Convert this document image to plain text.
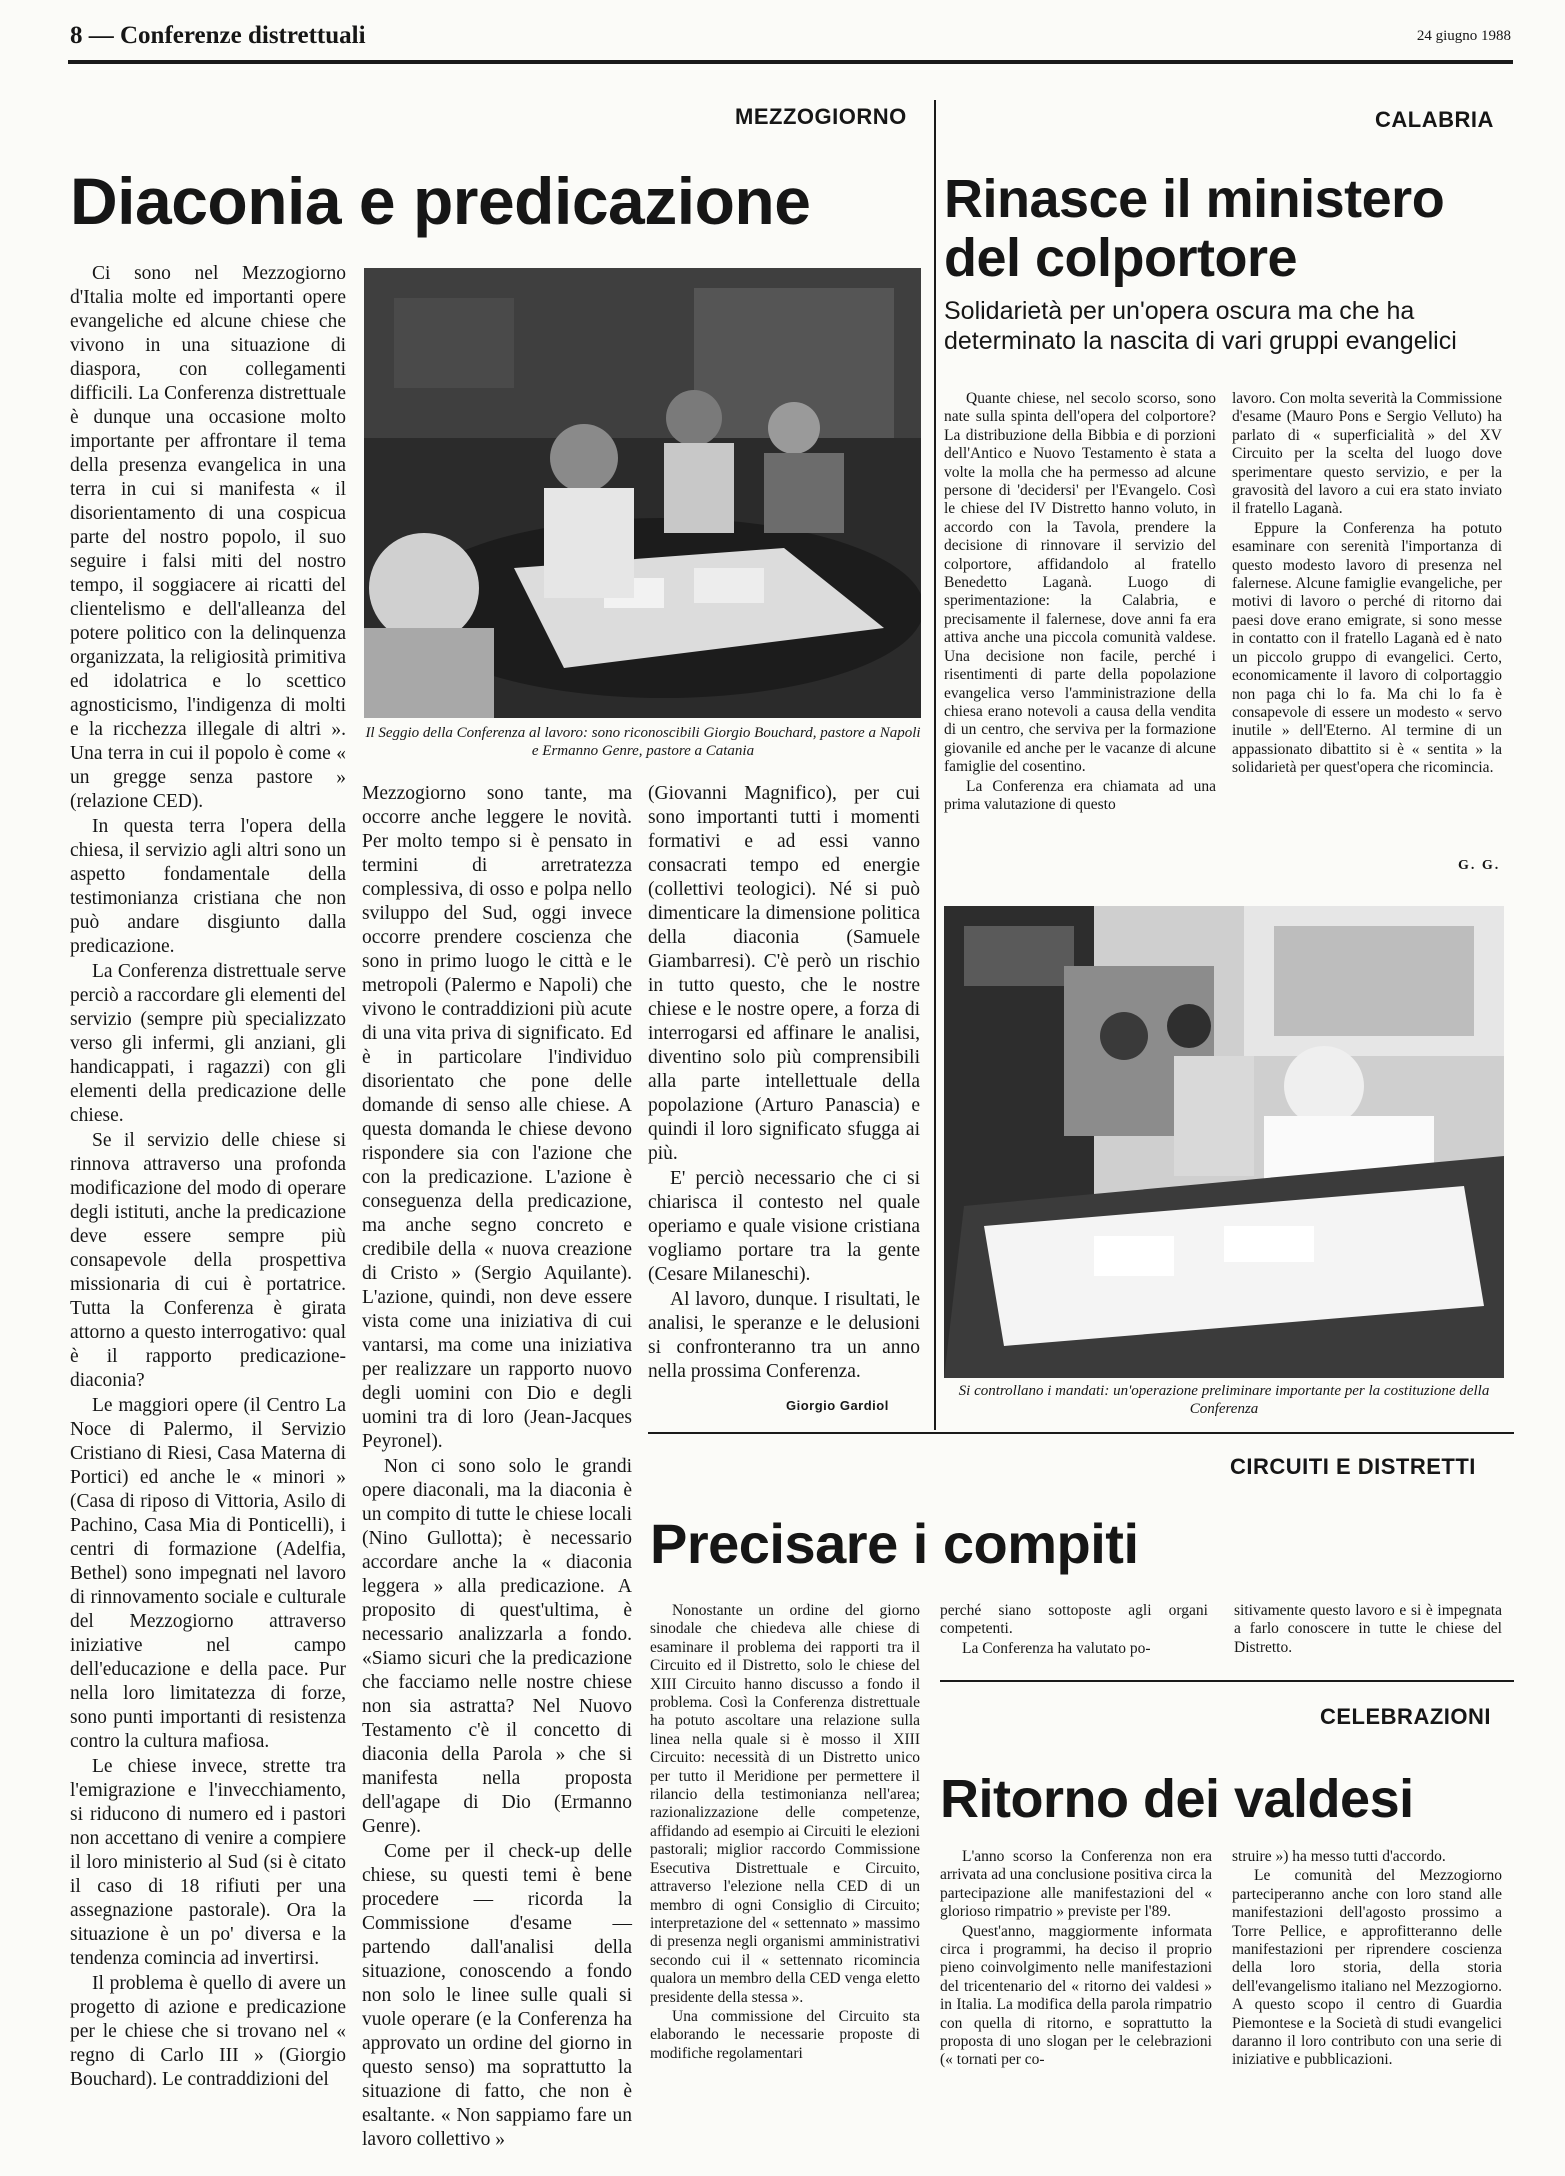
8 — Conferenze distrettuali	24 giugno 1988
MEZZOGIORNO
Diaconia e predicazione
Il Seggio della Conferenza al lavoro: sono riconoscibili Giorgio Bouchard, pastore a Napoli e Ermanno Genre, pastore a Catania

Ci sono nel Mezzogiorno d'Italia molte ed importanti opere evangeliche ed alcune chiese che vivono in una situazione di diaspora, con collegamenti difficili. La Conferenza distrettuale è dunque una occasione molto importante per affrontare il tema della presenza evangelica in una terra in cui si manifesta « il disorientamento di una cospicua parte del nostro popolo, il suo seguire i falsi miti del nostro tempo, il soggiacere ai ricatti del clientelismo e dell'alleanza del potere politico con la delinquenza organizzata, la religiosità primitiva ed idolatrica e lo scettico agnosticismo, l'indigenza di molti e la ricchezza illegale di altri ». Una terra in cui il popolo è come « un gregge senza pastore » (relazione CED).

In questa terra l'opera della chiesa, il servizio agli altri sono un aspetto fondamentale della testimonianza cristiana che non può andare disgiunto dalla predicazione.

La Conferenza distrettuale serve perciò a raccordare gli elementi del servizio (sempre più specializzato verso gli infermi, gli anziani, gli handicappati, i ragazzi) con gli elementi della predicazione delle chiese.

Se il servizio delle chiese si rinnova attraverso una profonda modificazione del modo di operare degli istituti, anche la predicazione deve essere sempre più consapevole della prospettiva missionaria di cui è portatrice. Tutta la Conferenza è girata attorno a questo interrogativo: qual è il rapporto predicazione-diaconia?

Le maggiori opere (il Centro La Noce di Palermo, il Servizio Cristiano di Riesi, Casa Materna di Portici) ed anche le « minori » (Casa di riposo di Vittoria, Asilo di Pachino, Casa Mia di Ponticelli), i centri di formazione (Adelfia, Bethel) sono impegnati nel lavoro di rinnovamento sociale e culturale del Mezzogiorno attraverso iniziative nel campo dell'educazione e della pace. Pur nella loro limitatezza di forze, sono punti importanti di resistenza contro la cultura mafiosa.

Le chiese invece, strette tra l'emigrazione e l'invecchiamento, si riducono di numero ed i pastori non accettano di venire a compiere il loro ministerio al Sud (si è citato il caso di 18 rifiuti per una assegnazione pastorale). Ora la situazione è un po' diversa e la tendenza comincia ad invertirsi.

Il problema è quello di avere un progetto di azione e predicazione per le chiese che si trovano nel « regno di Carlo III » (Giorgio Bouchard). Le contraddizioni del

Mezzogiorno sono tante, ma occorre anche leggere le novità. Per molto tempo si è pensato in termini di arretratezza complessiva, di osso e polpa nello sviluppo del Sud, oggi invece occorre prendere coscienza che sono in primo luogo le città e le metropoli (Palermo e Napoli) che vivono le contraddizioni più acute di una vita priva di significato. Ed è in particolare l'individuo disorientato che pone delle domande di senso alle chiese. A questa domanda le chiese devono rispondere sia con l'azione che con la predicazione. L'azione è conseguenza della predicazione, ma anche segno concreto e credibile della « nuova creazione di Cristo » (Sergio Aquilante). L'azione, quindi, non deve essere vista come una iniziativa di cui vantarsi, ma come una iniziativa per realizzare un rapporto nuovo degli uomini con Dio e degli uomini tra di loro (Jean-Jacques Peyronel).

Non ci sono solo le grandi opere diaconali, ma la diaconia è un compito di tutte le chiese locali (Nino Gullotta); è necessario accordare anche la « diaconia leggera » alla predicazione. A proposito di quest'ultima, è necessario analizzarla a fondo. «Siamo sicuri che la predicazione che facciamo nelle nostre chiese non sia astratta? Nel Nuovo Testamento c'è il concetto di diaconia della Parola » che si manifesta nella proposta dell'agape di Dio (Ermanno Genre).

Come per il check-up delle chiese, su questi temi è bene procedere — ricorda la Commissione d'esame — partendo dall'analisi della situazione, conoscendo a fondo non solo le linee sulle quali si vuole operare (e la Conferenza ha approvato un ordine del giorno in questo senso) ma soprattutto la situazione di fatto, che non è esaltante. « Non sappiamo fare un lavoro collettivo »

(Giovanni Magnifico), per cui sono importanti tutti i momenti formativi e ad essi vanno consacrati tempo ed energie (collettivi teologici). Né si può dimenticare la dimensione politica della diaconia (Samuele Giambarresi). C'è però un rischio in tutto questo, che le nostre chiese e le nostre opere, a forza di interrogarsi ed affinare le analisi, diventino solo più comprensibili alla parte intellettuale della popolazione (Arturo Panascia) e quindi il loro significato sfugga ai più.

E' perciò necessario che ci si chiarisca il contesto nel quale operiamo e quale visione cristiana vogliamo portare tra la gente (Cesare Milaneschi).

Al lavoro, dunque. I risultati, le analisi, le speranze e le delusioni si confronteranno tra un anno nella prossima Conferenza.

Giorgio Gardiol
CALABRIA
Rinasce il ministero del colportore
Solidarietà per un'opera oscura ma che ha determinato la nascita di vari gruppi evangelici

Quante chiese, nel secolo scorso, sono nate sulla spinta dell'opera del colportore? La distribuzione della Bibbia e di porzioni dell'Antico e Nuovo Testamento è stata a volte la molla che ha permesso ad alcune persone di 'decidersi' per l'Evangelo. Così le chiese del IV Distretto hanno voluto, in accordo con la Tavola, prendere la decisione di rinnovare il servizio del colportore, affidandolo al fratello Benedetto Laganà. Luogo di sperimentazione: la Calabria, e precisamente il falernese, dove anni fa era attiva anche una piccola comunità valdese. Una decisione non facile, perché i risentimenti di parte della popolazione evangelica verso l'amministrazione della chiesa erano notevoli a causa della vendita di un centro, che serviva per la formazione giovanile ed anche per le vacanze di alcune famiglie del cosentino.

La Conferenza era chiamata ad una prima valutazione di questo

lavoro. Con molta severità la Commissione d'esame (Mauro Pons e Sergio Velluto) ha parlato di « superficialità » del XV Circuito per la scelta del luogo dove sperimentare questo servizio, e per la gravosità del lavoro a cui era stato inviato il fratello Laganà.

Eppure la Conferenza ha potuto esaminare con serenità l'importanza di questo modesto lavoro di presenza nel falernese. Alcune famiglie evangeliche, per motivi di lavoro o perché di ritorno dai paesi dove erano emigrate, si sono messe in contatto con il fratello Laganà ed è nato un piccolo gruppo di evangelici. Certo, economicamente il lavoro di colportaggio non paga chi lo fa. Ma chi lo fa è consapevole di essere un modesto « servo inutile » dell'Eterno. Al termine di un appassionato dibattito si è « sentita » la solidarietà per quest'opera che ricomincia.

G. G.
Si controllano i mandati: un'operazione preliminare importante per la costituzione della Conferenza
CIRCUITI E DISTRETTI
Precisare i compiti

Nonostante un ordine del giorno sinodale che chiedeva alle chiese di esaminare il problema dei rapporti tra il Circuito ed il Distretto, solo le chiese del XIII Circuito hanno discusso a fondo il problema. Così la Conferenza distrettuale ha potuto ascoltare una relazione sulla linea nella quale si è mosso il XIII Circuito: necessità di un Distretto unico per tutto il Meridione per permettere il rilancio della testimonianza nell'area; razionalizzazione delle competenze, affidando ad esempio ai Circuiti le elezioni pastorali; miglior raccordo Commissione Esecutiva Distrettuale e Circuito, attraverso l'elezione nella CED di un membro di ogni Consiglio di Circuito; interpretazione del « settennato » massimo di presenza negli organismi amministrativi secondo cui il « settennato ricomincia qualora un membro della CED venga eletto presidente della stessa ».

Una commissione del Circuito sta elaborando le necessarie proposte di modifiche regolamentari

perché siano sottoposte agli organi competenti.

La Conferenza ha valutato po-

sitivamente questo lavoro e si è impegnata a farlo conoscere in tutte le chiese del Distretto.

CELEBRAZIONI
Ritorno dei valdesi

L'anno scorso la Conferenza non era arrivata ad una conclusione positiva circa la partecipazione alle manifestazioni del « glorioso rimpatrio » previste per l'89.

Quest'anno, maggiormente informata circa i programmi, ha deciso il proprio pieno coinvolgimento nelle manifestazioni del tricentenario del « ritorno dei valdesi » in Italia. La modifica della parola rimpatrio con quella di ritorno, e soprattutto la proposta di uno slogan per le celebrazioni (« tornati per co-

struire ») ha messo tutti d'accordo.

Le comunità del Mezzogiorno parteciperanno anche con loro stand alle manifestazioni dell'agosto prossimo a Torre Pellice, e approfitteranno delle manifestazioni per riprendere coscienza della loro storia, della storia dell'evangelismo italiano nel Mezzogiorno. A questo scopo il centro di Guardia Piemontese e la Società di studi evangelici daranno il loro contributo con una serie di iniziative e pubblicazioni.
